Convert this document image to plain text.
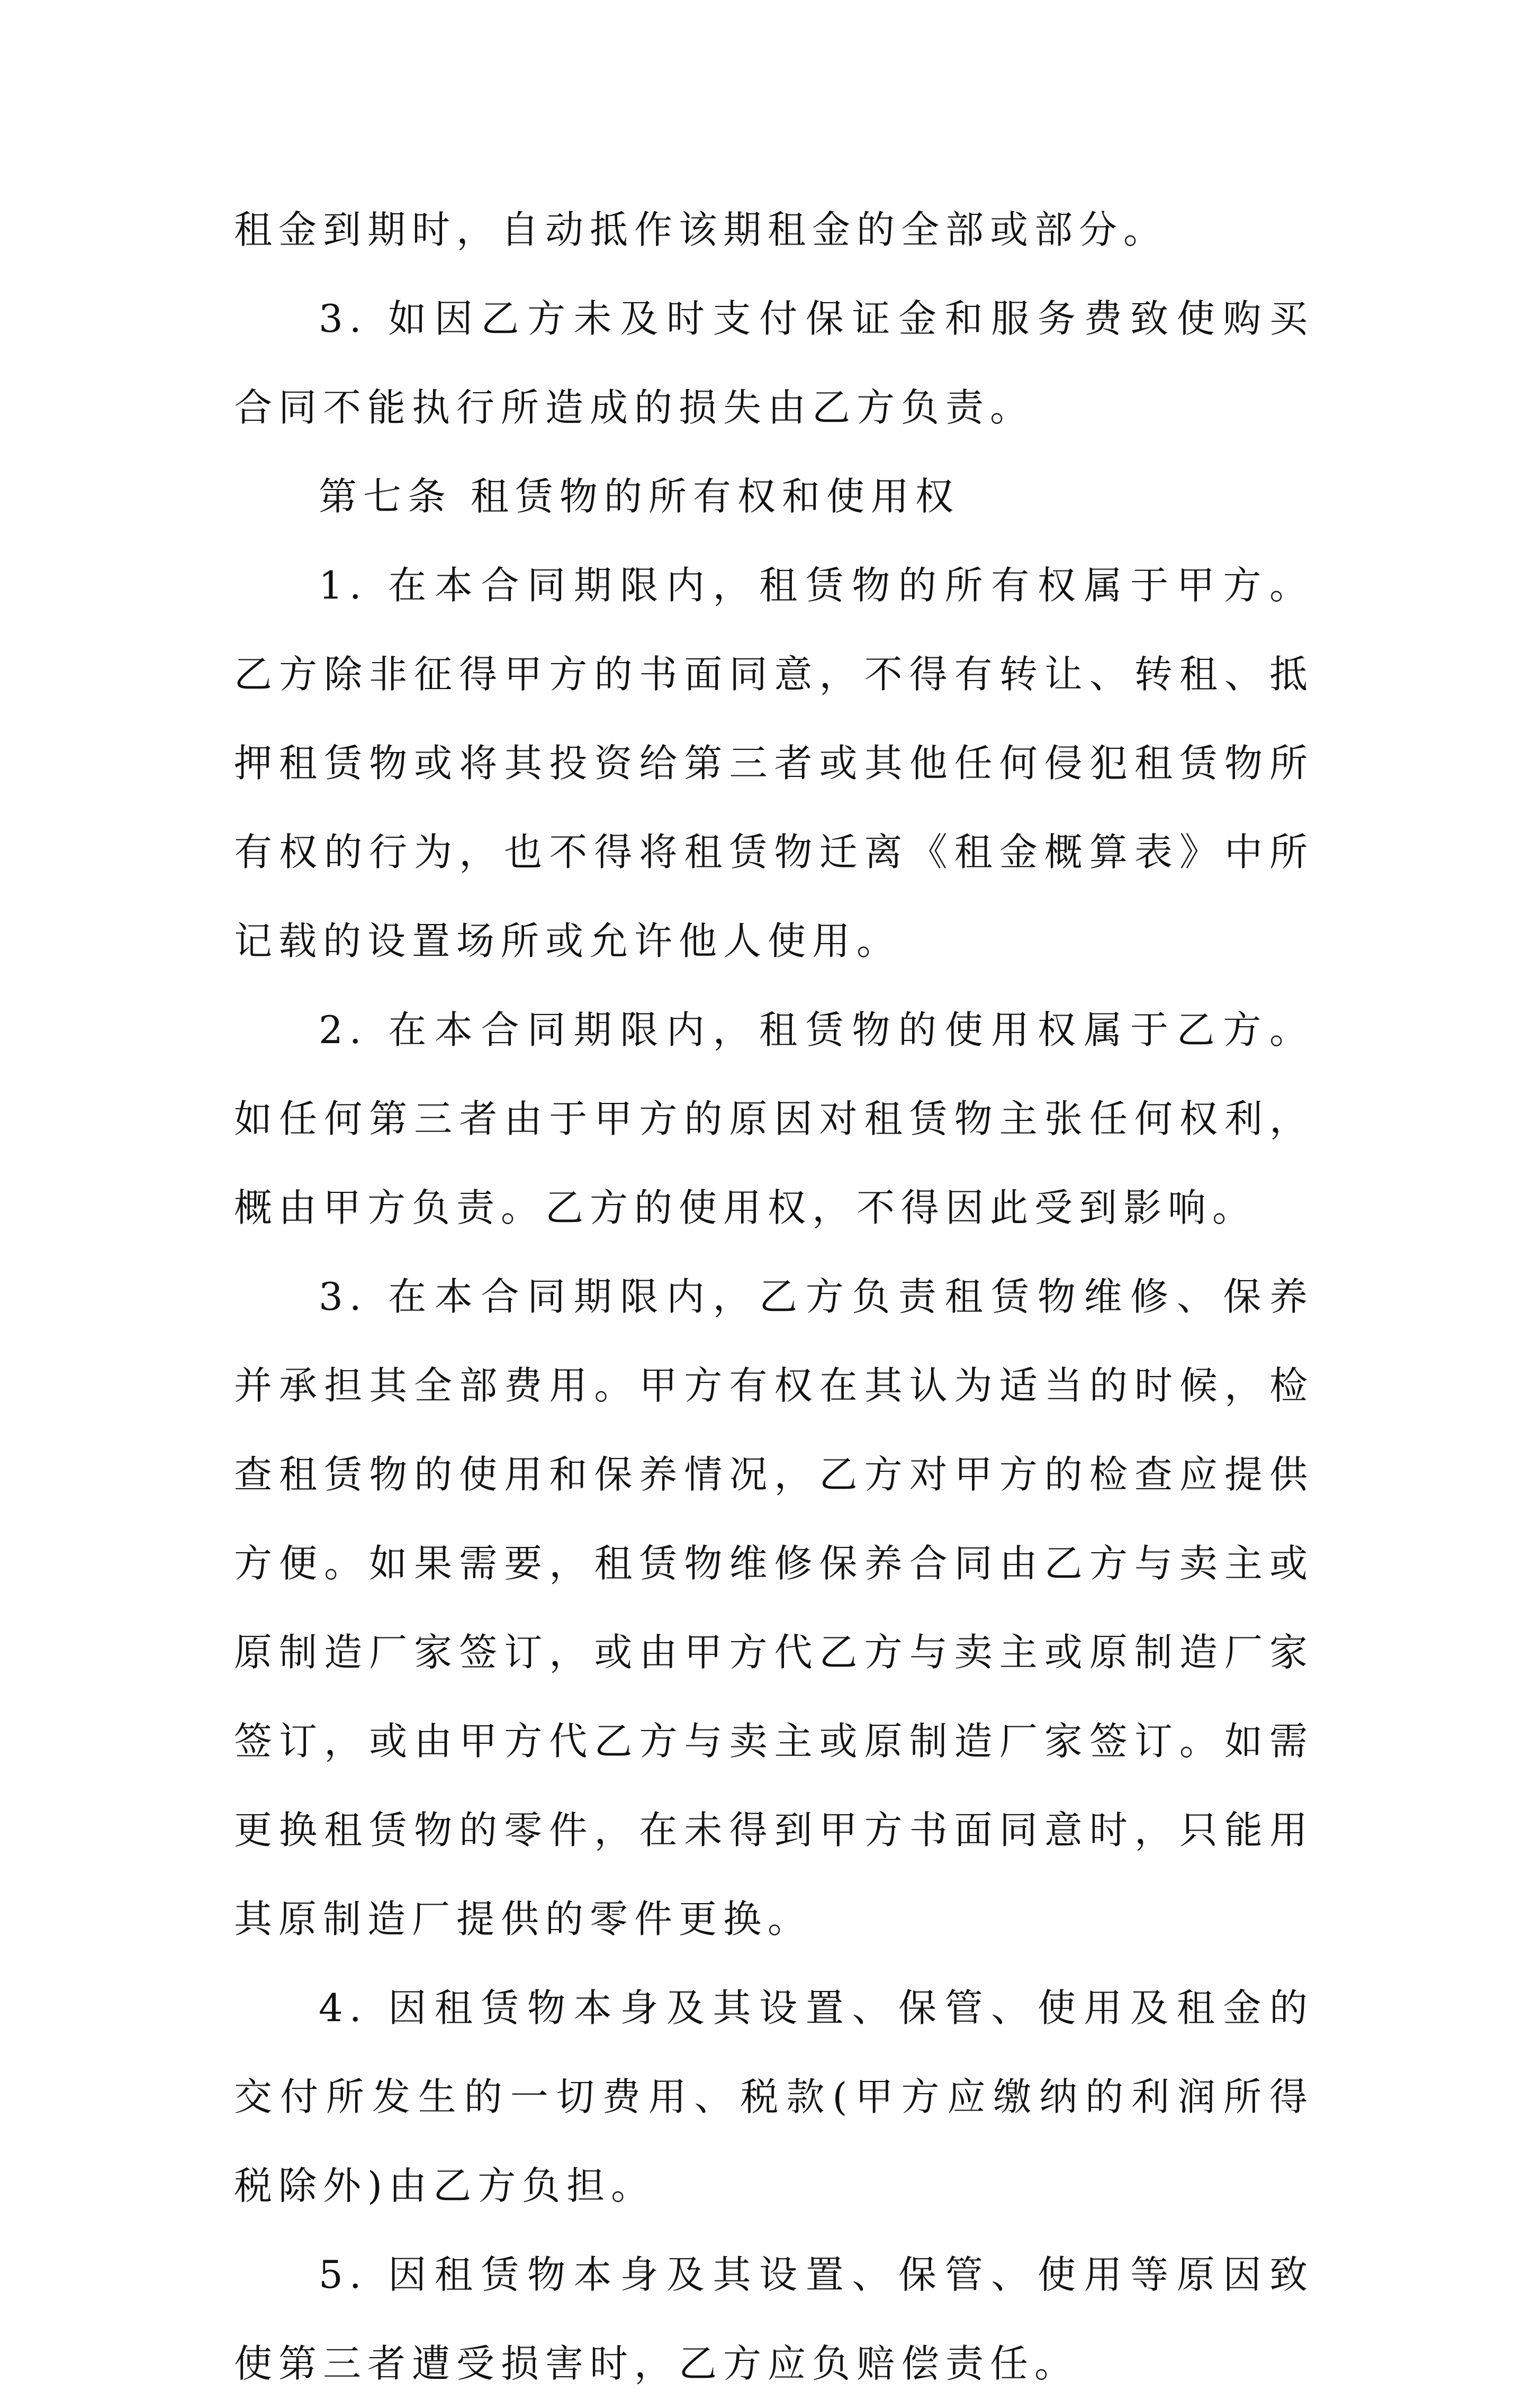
租金到期时，自动抵作该期租金的全部或部分。

3. 如因乙方未及时支付保证金和服务费致使购买合同不能执行所造成的损失由乙方负责。

第七条 租赁物的所有权和使用权

1. 在本合同期限内，租赁物的所有权属于甲方。乙方除非征得甲方的书面同意，不得有转让、转租、抵押租赁物或将其投资给第三者或其他任何侵犯租赁物所有权的行为，也不得将租赁物迁离《租金概算表》中所记载的设置场所或允许他人使用。

2. 在本合同期限内，租赁物的使用权属于乙方。如任何第三者由于甲方的原因对租赁物主张任何权利，概由甲方负责。乙方的使用权，不得因此受到影响。

3. 在本合同期限内，乙方负责租赁物维修、保养并承担其全部费用。甲方有权在其认为适当的时候，检查租赁物的使用和保养情况，乙方对甲方的检查应提供方便。如果需要，租赁物维修保养合同由乙方与卖主或原制造厂家签订，或由甲方代乙方与卖主或原制造厂家签订，或由甲方代乙方与卖主或原制造厂家签订。如需更换租赁物的零件，在未得到甲方书面同意时，只能用其原制造厂提供的零件更换。

4. 因租赁物本身及其设置、保管、使用及租金的交付所发生的一切费用、税款(甲方应缴纳的利润所得税除外)由乙方负担。

5. 因租赁物本身及其设置、保管、使用等原因致使第三者遭受损害时，乙方应负赔偿责任。
